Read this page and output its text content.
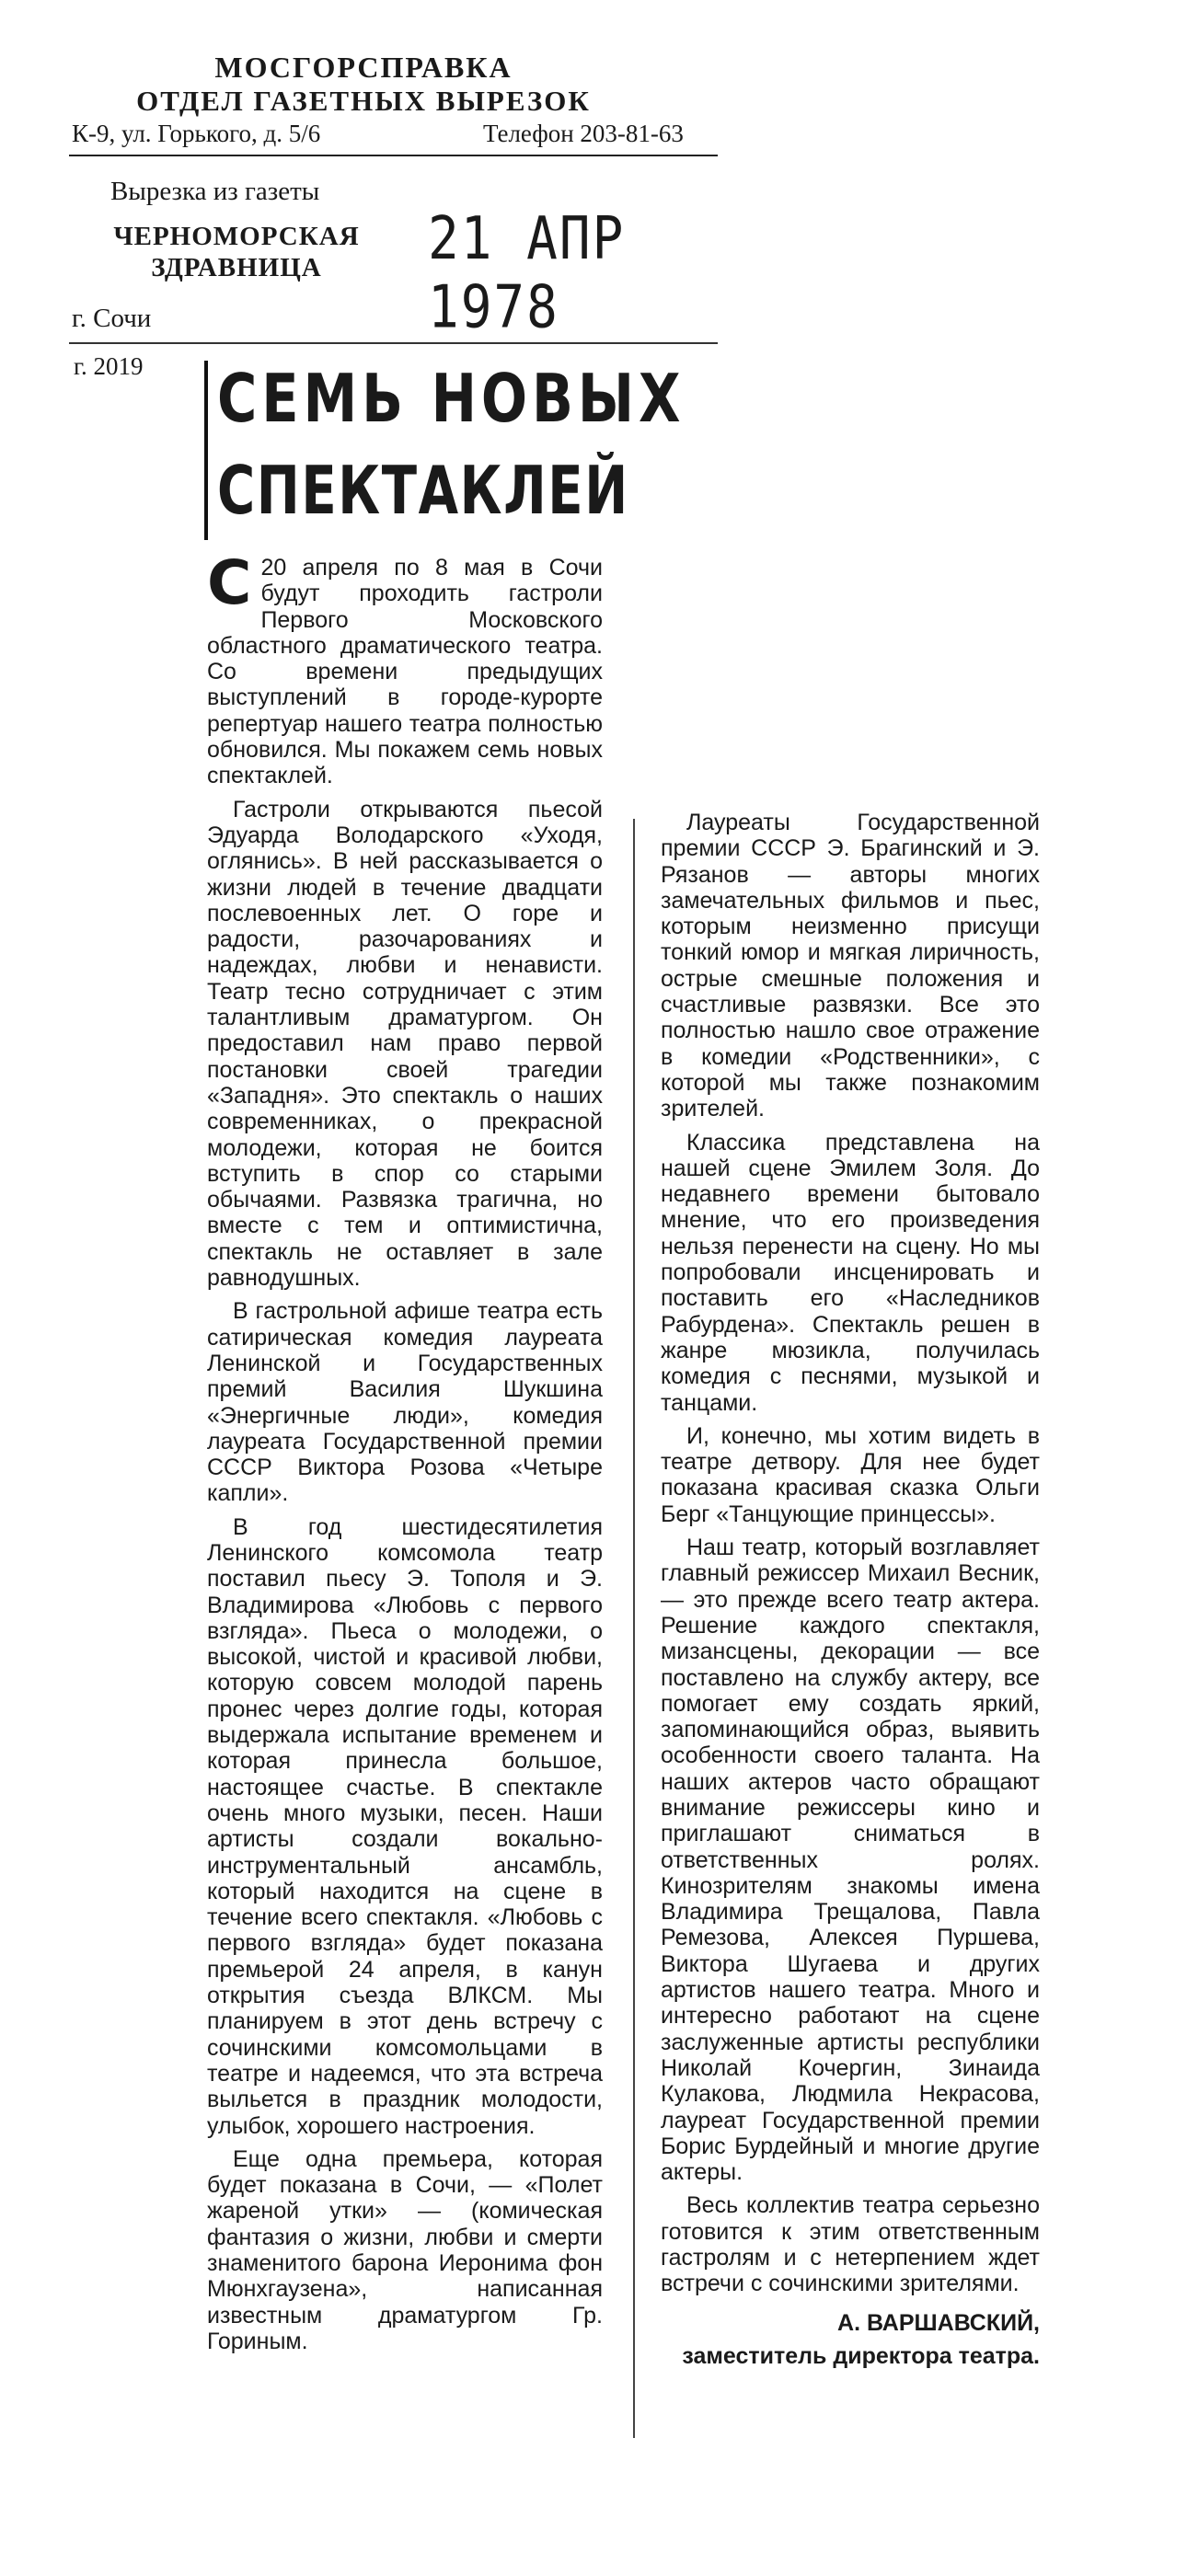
МОСГОРСПРАВКА
ОТДЕЛ ГАЗЕТНЫХ ВЫРЕЗОК
К-9, ул. Горького, д. 5/6	Телефон 203-81-63
Вырезка из газеты
ЧЕРНОМОРСКАЯ
ЗДРАВНИЦА	21 АПР 1978
г. Сочи
г. 2019 СЕМЬ НОВЫХ
СПЕКТАКЛЕЙ

С 20 апреля по 8 мая в Сочи будут проходить гастроли Первого Московского областного драматического театра. Со времени предыдущих выступлений в городе-курорте репертуар нашего театра полностью обновился. Мы покажем семь новых спектаклей.

Гастроли открываются пьесой Эдуарда Володарского «Уходя, оглянись». В ней рассказывается о жизни людей в течение двадцати послевоенных лет. О горе и радости, разочарованиях и надеждах, любви и ненависти. Театр тесно сотрудничает с этим талантливым драматургом. Он предоставил нам право первой постановки своей трагедии «Западня». Это спектакль о наших современниках, о прекрасной молодежи, которая не боится вступить в спор со старыми обычаями. Развязка трагична, но вместе с тем и оптимистична, спектакль не оставляет в зале равнодушных.

В гастрольной афише театра есть сатирическая комедия лауреата Ленинской и Государственных премий Василия Шукшина «Энергичные люди», комедия лауреата Государственной премии СССР Виктора Розова «Четыре капли».

В год шестидесятилетия Ленинского комсомола театр поставил пьесу Э. Тополя и Э. Владимирова «Любовь с первого взгляда». Пьеса о молодежи, о высокой, чистой и красивой любви, которую совсем молодой парень пронес через долгие годы, которая выдержала испытание временем и которая принесла большое, настоящее счастье. В спектакле очень много музыки, песен. Наши артисты создали вокально-инструментальный ансамбль, который находится на сцене в течение всего спектакля. «Любовь с первого взгляда» будет показана премьерой 24 апреля, в канун открытия съезда ВЛКСМ. Мы планируем в этот день встречу с сочинскими комсомольцами в театре и надеемся, что эта встреча выльется в праздник молодости, улыбок, хорошего настроения.

Еще одна премьера, которая будет показана в Сочи, — «Полет жареной утки» — (комическая фантазия о жизни, любви и смерти знаменитого барона Иеронима фон Мюнхгаузена», написанная известным драматургом Гр. Гориным.

Лауреаты Государственной премии СССР Э. Брагинский и Э. Рязанов — авторы многих замечательных фильмов и пьес, которым неизменно присущи тонкий юмор и мягкая лиричность, острые смешные положения и счастливые развязки. Все это полностью нашло свое отражение в комедии «Родственники», с которой мы также познакомим зрителей.

Классика представлена на нашей сцене Эмилем Золя. До недавнего времени бытовало мнение, что его произведения нельзя перенести на сцену. Но мы попробовали инсценировать и поставить его «Наследников Рабурдена». Спектакль решен в жанре мюзикла, получилась комедия с песнями, музыкой и танцами.

И, конечно, мы хотим видеть в театре детвору. Для нее будет показана красивая сказка Ольги Берг «Танцующие принцессы».

Наш театр, который возглавляет главный режиссер Михаил Весник, — это прежде всего театр актера. Решение каждого спектакля, мизансцены, декорации — все поставлено на службу актеру, все помогает ему создать яркий, запоминающийся образ, выявить особенности своего таланта. На наших актеров часто обращают внимание режиссеры кино и приглашают сниматься в ответственных ролях. Кинозрителям знакомы имена Владимира Трещалова, Павла Ремезова, Алексея Пуршева, Виктора Шугаева и других артистов нашего театра. Много и интересно работают на сцене заслуженные артисты республики Николай Кочергин, Зинаида Кулакова, Людмила Некрасова, лауреат Государственной премии Борис Бурдейный и многие другие актеры.

Весь коллектив театра серьезно готовится к этим ответственным гастролям и с нетерпением ждет встречи с сочинскими зрителями.

А. ВАРШАВСКИЙ,

заместитель директора театра.
